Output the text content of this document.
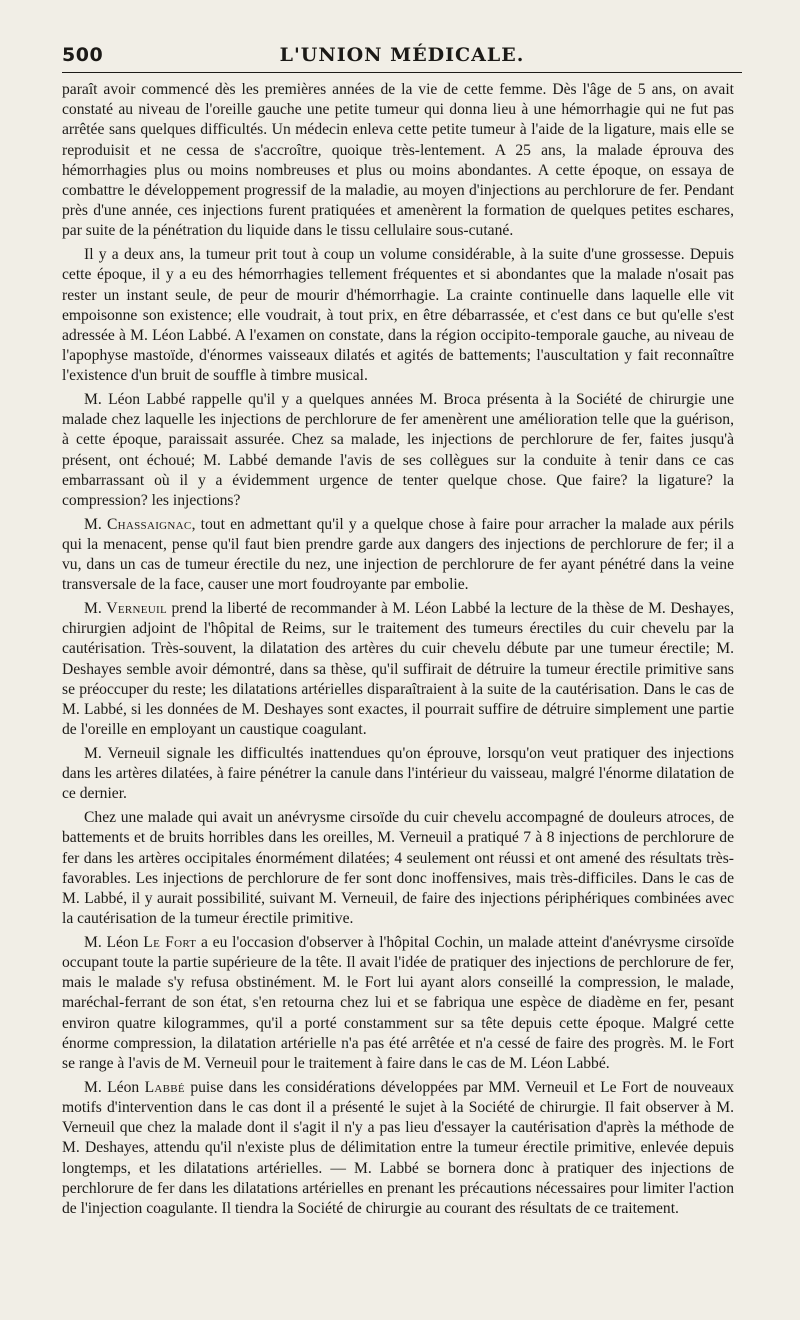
500	L'UNION MÉDICALE.

paraît avoir commencé dès les premières années de la vie de cette femme. Dès l'âge de 5 ans, on avait constaté au niveau de l'oreille gauche une petite tumeur qui donna lieu à une hémorrhagie qui ne fut pas arrêtée sans quelques difficultés. Un médecin enleva cette petite tumeur à l'aide de la ligature, mais elle se reproduisit et ne cessa de s'accroître, quoique très-lentement. A 25 ans, la malade éprouva des hémorrhagies plus ou moins nombreuses et plus ou moins abondantes. A cette époque, on essaya de combattre le développement progressif de la maladie, au moyen d'injections au perchlorure de fer. Pendant près d'une année, ces injections furent pratiquées et amenèrent la formation de quelques petites eschares, par suite de la pénétration du liquide dans le tissu cellulaire sous-cutané.

Il y a deux ans, la tumeur prit tout à coup un volume considérable, à la suite d'une grossesse. Depuis cette époque, il y a eu des hémorrhagies tellement fréquentes et si abondantes que la malade n'osait pas rester un instant seule, de peur de mourir d'hémorrhagie. La crainte continuelle dans laquelle elle vit empoisonne son existence; elle voudrait, à tout prix, en être débarrassée, et c'est dans ce but qu'elle s'est adressée à M. Léon Labbé. A l'examen on constate, dans la région occipito-temporale gauche, au niveau de l'apophyse mastoïde, d'énormes vaisseaux dilatés et agités de battements; l'auscultation y fait reconnaître l'existence d'un bruit de souffle à timbre musical.

M. Léon Labbé rappelle qu'il y a quelques années M. Broca présenta à la Société de chirurgie une malade chez laquelle les injections de perchlorure de fer amenèrent une amélioration telle que la guérison, à cette époque, paraissait assurée. Chez sa malade, les injections de perchlorure de fer, faites jusqu'à présent, ont échoué; M. Labbé demande l'avis de ses collègues sur la conduite à tenir dans ce cas embarrassant où il y a évidemment urgence de tenter quelque chose. Que faire? la ligature? la compression? les injections?

M. Chassaignac, tout en admettant qu'il y a quelque chose à faire pour arracher la malade aux périls qui la menacent, pense qu'il faut bien prendre garde aux dangers des injections de perchlorure de fer; il a vu, dans un cas de tumeur érectile du nez, une injection de perchlorure de fer ayant pénétré dans la veine transversale de la face, causer une mort foudroyante par embolie.

M. Verneuil prend la liberté de recommander à M. Léon Labbé la lecture de la thèse de M. Deshayes, chirurgien adjoint de l'hôpital de Reims, sur le traitement des tumeurs érectiles du cuir chevelu par la cautérisation. Très-souvent, la dilatation des artères du cuir chevelu débute par une tumeur érectile; M. Deshayes semble avoir démontré, dans sa thèse, qu'il suffirait de détruire la tumeur érectile primitive sans se préoccuper du reste; les dilatations artérielles disparaîtraient à la suite de la cautérisation. Dans le cas de M. Labbé, si les données de M. Deshayes sont exactes, il pourrait suffire de détruire simplement une partie de l'oreille en employant un caustique coagulant.

M. Verneuil signale les difficultés inattendues qu'on éprouve, lorsqu'on veut pratiquer des injections dans les artères dilatées, à faire pénétrer la canule dans l'intérieur du vaisseau, malgré l'énorme dilatation de ce dernier.

Chez une malade qui avait un anévrysme cirsoïde du cuir chevelu accompagné de douleurs atroces, de battements et de bruits horribles dans les oreilles, M. Verneuil a pratiqué 7 à 8 injections de perchlorure de fer dans les artères occipitales énormément dilatées; 4 seulement ont réussi et ont amené des résultats très-favorables. Les injections de perchlorure de fer sont donc inoffensives, mais très-difficiles. Dans le cas de M. Labbé, il y aurait possibilité, suivant M. Verneuil, de faire des injections périphériques combinées avec la cautérisation de la tumeur érectile primitive.

M. Léon Le Fort a eu l'occasion d'observer à l'hôpital Cochin, un malade atteint d'anévrysme cirsoïde occupant toute la partie supérieure de la tête. Il avait l'idée de pratiquer des injections de perchlorure de fer, mais le malade s'y refusa obstinément. M. le Fort lui ayant alors conseillé la compression, le malade, maréchal-ferrant de son état, s'en retourna chez lui et se fabriqua une espèce de diadème en fer, pesant environ quatre kilogrammes, qu'il a porté constamment sur sa tête depuis cette époque. Malgré cette énorme compression, la dilatation artérielle n'a pas été arrêtée et n'a cessé de faire des progrès. M. le Fort se range à l'avis de M. Verneuil pour le traitement à faire dans le cas de M. Léon Labbé.

M. Léon Labbé puise dans les considérations développées par MM. Verneuil et Le Fort de nouveaux motifs d'intervention dans le cas dont il a présenté le sujet à la Société de chirurgie. Il fait observer à M. Verneuil que chez la malade dont il s'agit il n'y a pas lieu d'essayer la cautérisation d'après la méthode de M. Deshayes, attendu qu'il n'existe plus de délimitation entre la tumeur érectile primitive, enlevée depuis longtemps, et les dilatations artérielles. — M. Labbé se bornera donc à pratiquer des injections de perchlorure de fer dans les dilatations artérielles en prenant les précautions nécessaires pour limiter l'action de l'injection coagulante. Il tiendra la Société de chirurgie au courant des résultats de ce traitement.
